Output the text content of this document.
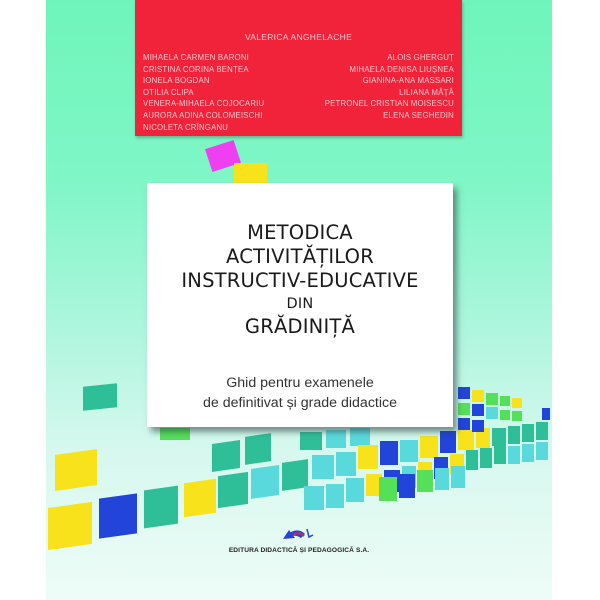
VALERICA ANGHELACHE
MIHAELA CARMEN BARONI
CRISTINA CORINA BENȚEA
IONELA BOGDAN
OTILIA CLIPA
VENERA-MIHAELA COJOCARIU
AURORA ADINA COLOMEISCHI
NICOLETA CRÎNGANU
ALOIS GHERGUȚ
MIHAELA DENISA LIUȘNEA
GIANINA-ANA MASSARI
LILIANA MÂȚĂ
PETRONEL CRISTIAN MOISESCU
ELENA SEGHEDIN
METODICA
ACTIVITĂȚILOR
INSTRUCTIV-EDUCATIVE
DIN
GRĂDINIȚĂ
Ghid pentru examenele
de definitivat și grade didactice
EDITURA DIDACTICĂ ȘI PEDAGOGICĂ S.A.
